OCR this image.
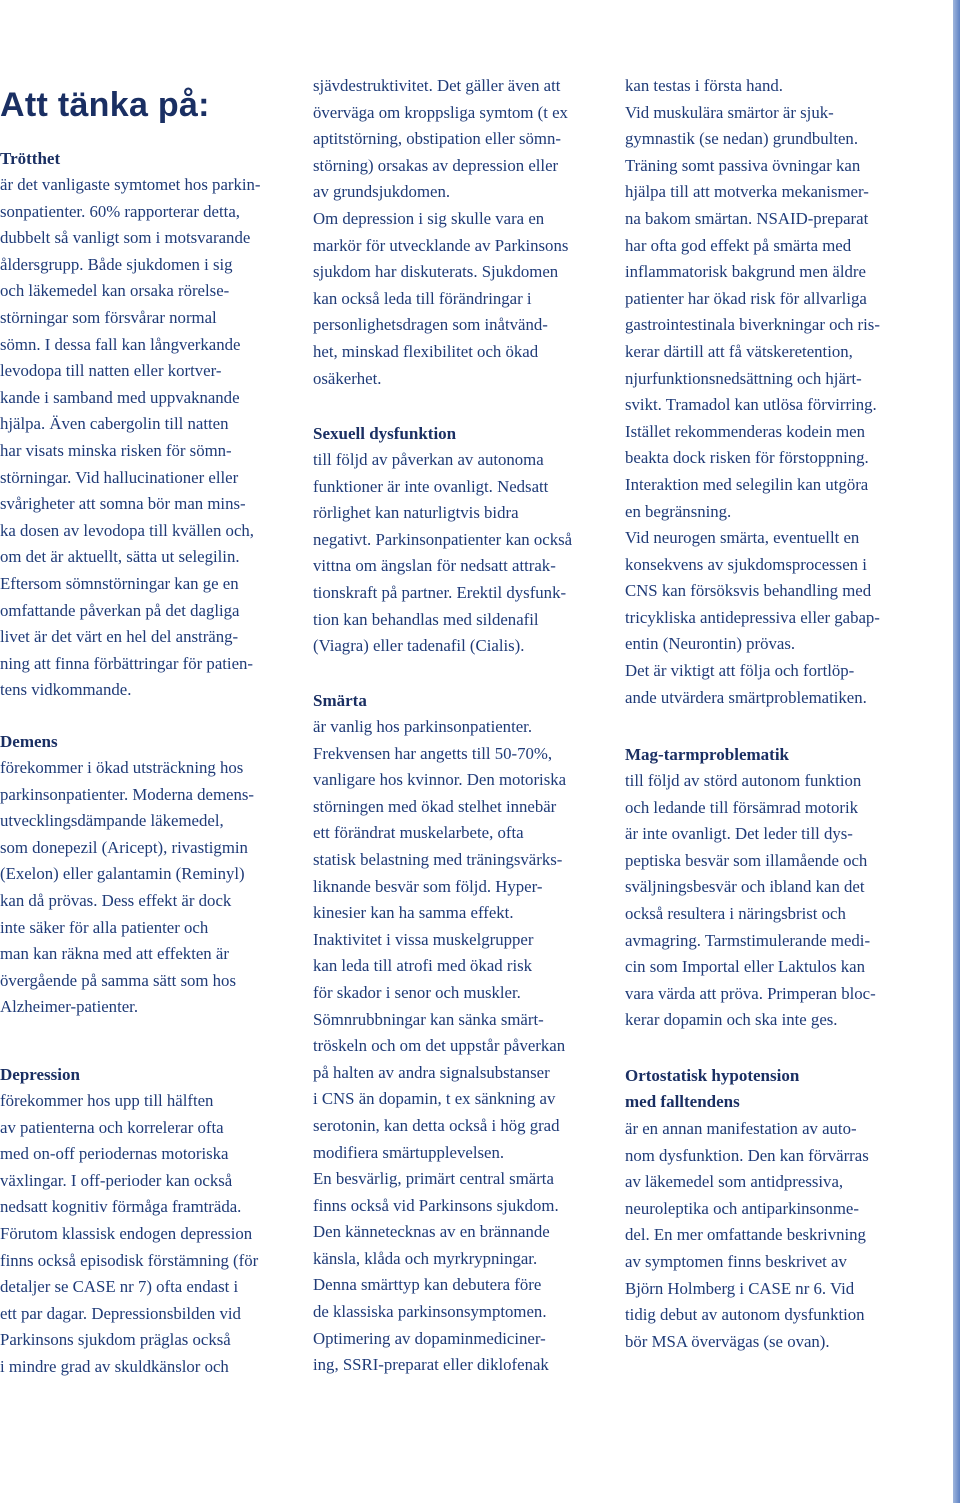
Att tänka på:
Trötthet
är det vanligaste symtomet hos parkin-
sonpatienter. 60% rapporterar detta,
dubbelt så vanligt som i motsvarande
åldersgrupp. Både sjukdomen i sig
och läkemedel kan orsaka rörelse-
störningar som försvårar normal
sömn. I dessa fall kan långverkande
levodopa till natten eller kortver-
kande i samband med uppvaknande
hjälpa. Även cabergolin till natten
har visats minska risken för sömn-
störningar. Vid hallucinationer eller
svårigheter att somna bör man mins-
ka dosen av levodopa till kvällen och,
om det är aktuellt, sätta ut selegilin.
Eftersom sömnstörningar kan ge en
omfattande påverkan på det dagliga
livet är det värt en hel del ansträng-
ning att finna förbättringar för patien-
tens vidkommande.
Demens
förekommer i ökad utsträckning hos
parkinsonpatienter. Moderna demens-
utvecklingsdämpande läkemedel,
som donepezil (Aricept), rivastigmin
(Exelon) eller galantamin (Reminyl)
kan då prövas. Dess effekt är dock
inte säker för alla patienter och
man kan räkna med att effekten är
övergående på samma sätt som hos
Alzheimer-patienter.
Depression
förekommer hos upp till hälften
av patienterna och korrelerar ofta
med on-off periodernas motoriska
växlingar. I off-perioder kan också
nedsatt kognitiv förmåga framträda.
Förutom klassisk endogen depression
finns också episodisk förstämning (för
detaljer se CASE nr 7) ofta endast i
ett par dagar. Depressionsbilden vid
Parkinsons sjukdom präglas också
i mindre grad av skuldkänslor och
sjävdestruktivitet. Det gäller även att
överväga om kroppsliga symtom (t ex
aptitstörning, obstipation eller sömn-
störning) orsakas av depression eller
av grundsjukdomen.
Om depression i sig skulle vara en
markör för utvecklande av Parkinsons
sjukdom har diskuterats. Sjukdomen
kan också leda till förändringar i
personlighetsdragen som inåtvänd-
het, minskad flexibilitet och ökad
osäkerhet.
Sexuell dysfunktion
till följd av påverkan av autonoma
funktioner är inte ovanligt. Nedsatt
rörlighet kan naturligtvis bidra
negativt. Parkinsonpatienter kan också
vittna om ängslan för nedsatt attrak-
tionskraft på partner. Erektil dysfunk-
tion kan behandlas med sildenafil
(Viagra) eller tadenafil (Cialis).
Smärta
är vanlig hos parkinsonpatienter.
Frekvensen har angetts till 50-70%,
vanligare hos kvinnor. Den motoriska
störningen med ökad stelhet innebär
ett förändrat muskelarbete, ofta
statisk belastning med träningsvärks-
liknande besvär som följd. Hyper-
kinesier kan ha samma effekt.
Inaktivitet i vissa muskelgrupper
kan leda till atrofi med ökad risk
för skador i senor och muskler.
Sömnrubbningar kan sänka smärt-
tröskeln och om det uppstår påverkan
på halten av andra signalsubstanser
i CNS än dopamin, t ex sänkning av
serotonin, kan detta också i hög grad
modifiera smärtupplevelsen.
En besvärlig, primärt central smärta
finns också vid Parkinsons sjukdom.
Den kännetecknas av en brännande
känsla, klåda och myrkrypningar.
Denna smärttyp kan debutera före
de klassiska parkinsonsymptomen.
Optimering av dopaminmediciner-
ing, SSRI-preparat eller diklofenak
kan testas i första hand.
Vid muskulära smärtor är sjuk-
gymnastik (se nedan) grundbulten.
Träning somt passiva övningar kan
hjälpa till att motverka mekanismer-
na bakom smärtan. NSAID-preparat
har ofta god effekt på smärta med
inflammatorisk bakgrund men äldre
patienter har ökad risk för allvarliga
gastrointestinala biverkningar och ris-
kerar därtill att få vätskeretention,
njurfunktionsnedsättning och hjärt-
svikt. Tramadol kan utlösa förvirring.
Istället rekommenderas kodein men
beakta dock risken för förstoppning.
Interaktion med selegilin kan utgöra
en begränsning.
Vid neurogen smärta, eventuellt en
konsekvens av sjukdomsprocessen i
CNS kan försöksvis behandling med
tricykliska antidepressiva eller gabap-
entin (Neurontin) prövas.
Det är viktigt att följa och fortlöp-
ande utvärdera smärtproblematiken.
Mag-tarmproblematik
till följd av störd autonom funktion
och ledande till försämrad motorik
är inte ovanligt. Det leder till dys-
peptiska besvär som illamående och
sväljningsbesvär och ibland kan det
också resultera i näringsbrist och
avmagring. Tarmstimulerande medi-
cin som Importal eller Laktulos kan
vara värda att pröva. Primperan bloc-
kerar dopamin och ska inte ges.
Ortostatisk hypotension
med falltendens
är en annan manifestation av auto-
nom dysfunktion. Den kan förvärras
av läkemedel som antidpressiva,
neuroleptika och antiparkinsonme-
del. En mer omfattande beskrivning
av symptomen finns beskrivet av
Björn Holmberg i CASE nr 6. Vid
tidig debut av autonom dysfunktion
bör MSA övervägas (se ovan).
